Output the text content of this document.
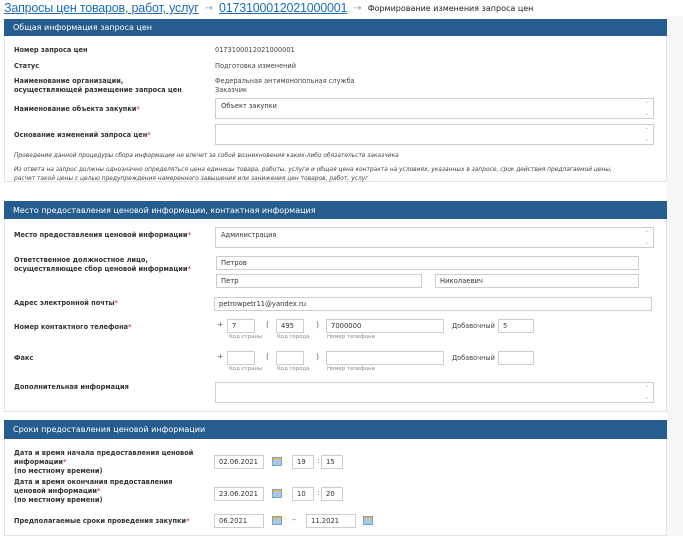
Запросы цен товаров, работ, услуг → 0173100012021000001 → Формирование изменения запроса цен
Общая информация запроса цен
Номер запроса цен	0173100012021000001
Статус	Подготовка изменений
Наименование организации,
осуществляющей размещение запроса цен
Федеральная антимонопольная служба
Заказчик
Наименование объекта закупки*	Объект закупки	⌃
⌄
Основание изменений запроса цен*
⌃
⌄
Проведение данной процедуры сбора информации не влечет за собой возникновения каких-либо обязательств заказчика
Из ответа на запрос должны однозначно определяться цена единицы товара, работы, услуги и общая цена контракта на условиях, указанных в запросе, срок действия предлагаемой цены,
расчет такой цены с целью предупреждения намеренного завышения или занижения цен товаров, работ, услуг
Место предоставления ценовой информации, контактная информация
Место предоставления ценовой информации*	Администрация	⌃
⌄
Ответственное должностное лицо,
осуществляющее сбор ценовой информации*
Петров
Петр	Николаевич
Адрес электронной почты*	petrowpetr11@yandex.ru
Номер контактного телефона*	+	7	(	495	)	7000000	Добавочный	5
Код страны	Код города	Номер телефона
Факс	+	(	)	Добавочный
Код страны	Код города	Номер телефона
Дополнительная информация	⌃
⌄
Сроки предоставления ценовой информации
Дата и время начала предоставления ценовой
информации*
(по местному времени)
02.06.2021	19	: 15
Дата и время окончания предоставления
ценовой информации*
(по местному времени)
23.06.2021	10	: 20
Предполагаемые сроки проведения закупки*	06.2021	–	11.2021
